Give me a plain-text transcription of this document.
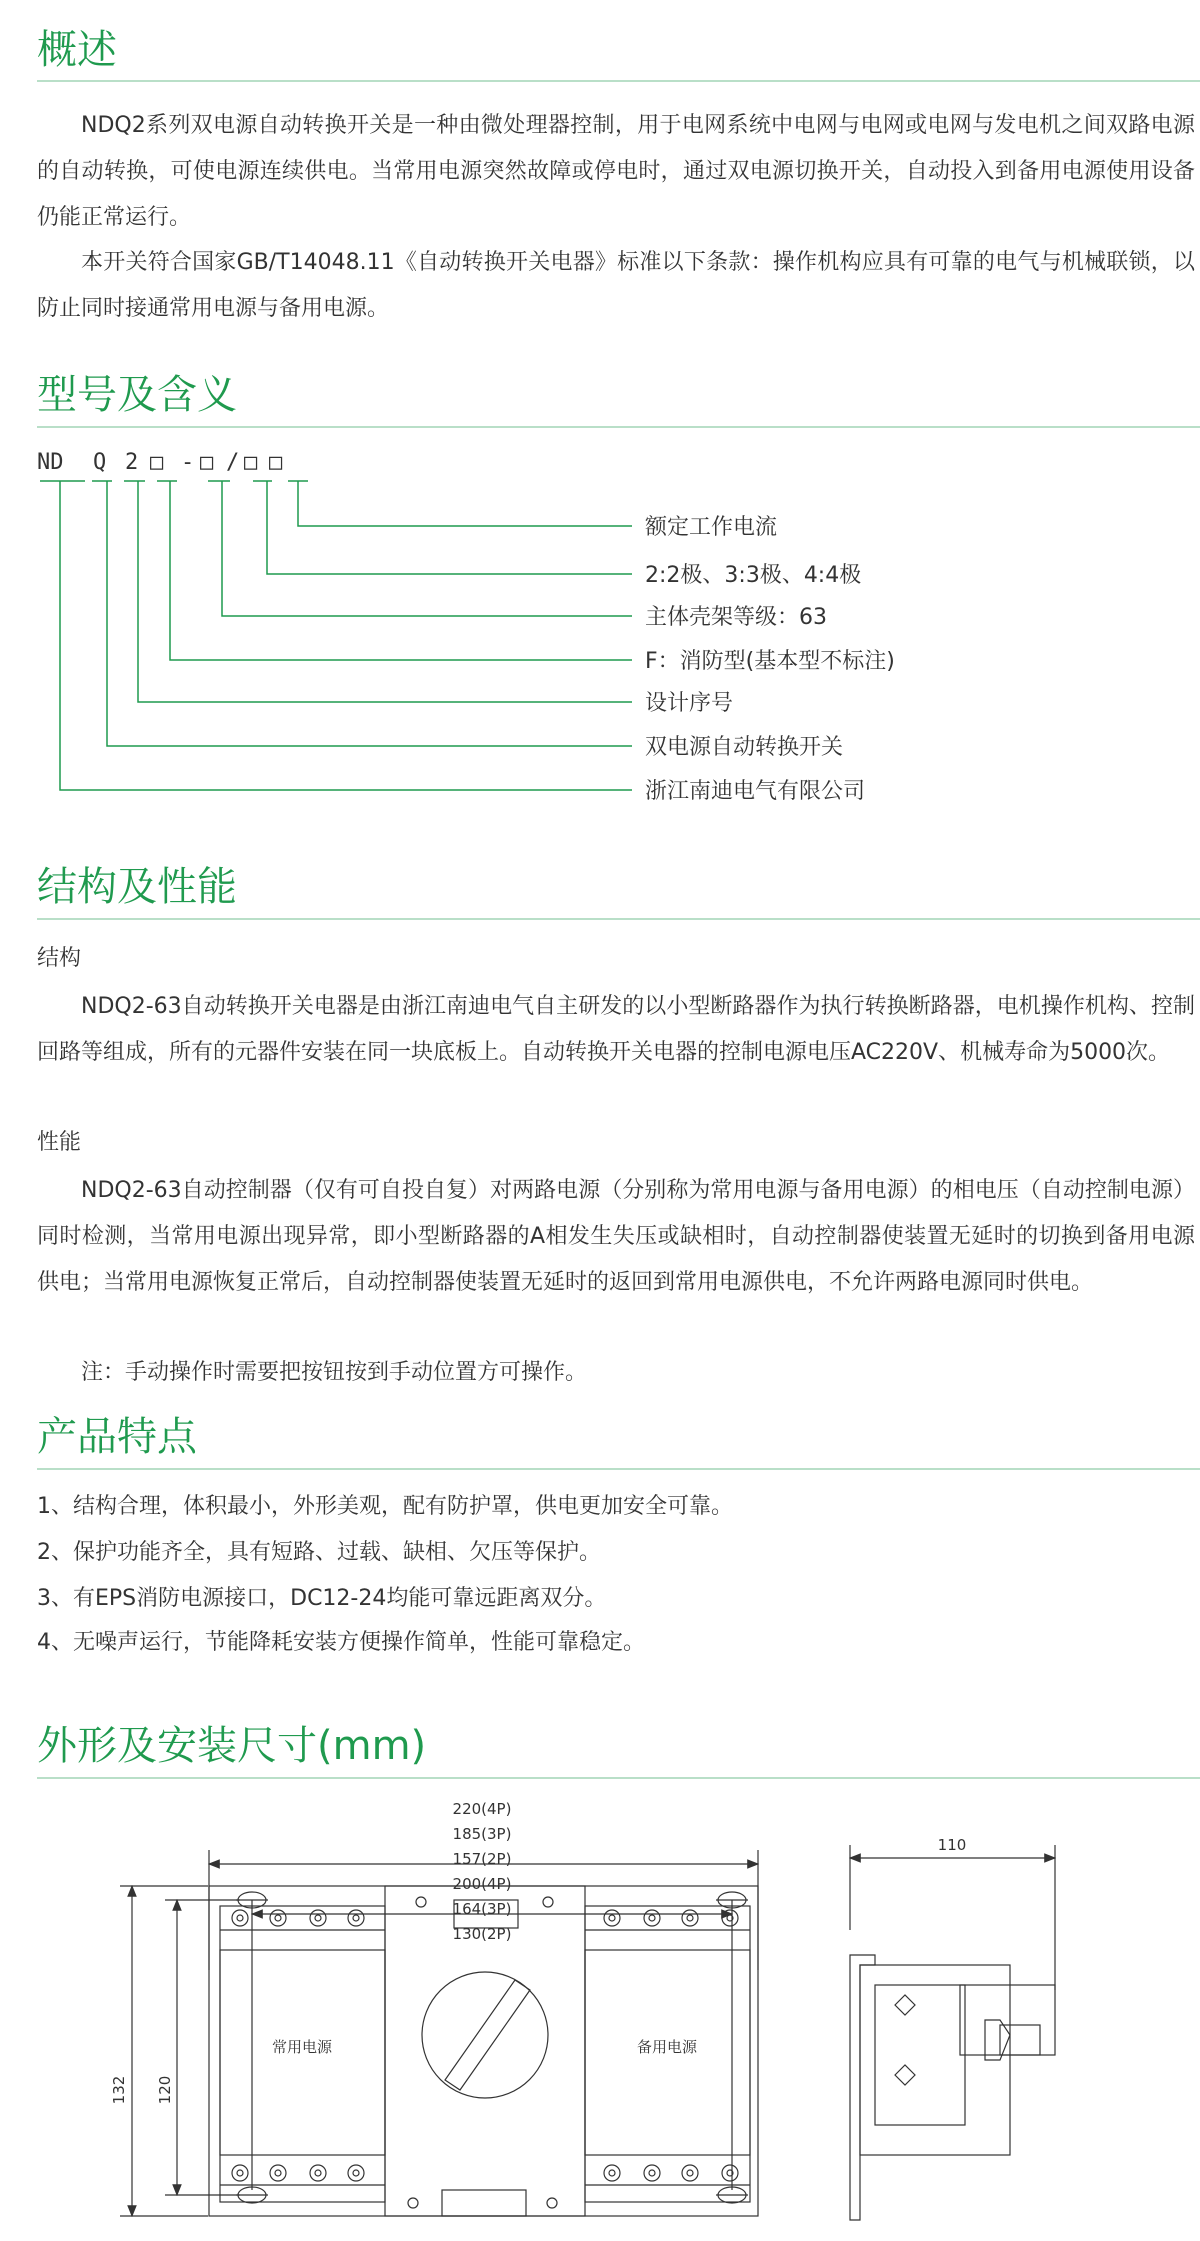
概述

NDQ2系列双电源自动转换开关是一种由微处理器控制，用于电网系统中电网与电网或电网与发电机之间双路电源的自动转换，可使电源连续供电。当常用电源突然故障或停电时，通过双电源切换开关，自动投入到备用电源使用设备仍能正常运行。

本开关符合国家GB/T14048.11《自动转换开关电器》标准以下条款：操作机构应具有可靠的电气与机械联锁，以防止同时接通常用电源与备用电源。

型号及含义
ND Q 2 □ - □ / □ □
额定工作电流
2:2极、3:3极、4:4极
主体壳架等级：63
F：消防型(基本型不标注)
设计序号
双电源自动转换开关
浙江南迪电气有限公司
结构及性能
结构

NDQ2-63自动转换开关电器是由浙江南迪电气自主研发的以小型断路器作为执行转换断路器，电机操作机构、控制回路等组成，所有的元器件安装在同一块底板上。自动转换开关电器的控制电源电压AC220V、机械寿命为5000次。

性能

NDQ2-63自动控制器（仅有可自投自复）对两路电源（分别称为常用电源与备用电源）的相电压（自动控制电源）同时检测，当常用电源出现异常，即小型断路器的A相发生失压或缺相时，自动控制器使装置无延时的切换到备用电源供电；当常用电源恢复正常后，自动控制器使装置无延时的返回到常用电源供电，不允许两路电源同时供电。

注：手动操作时需要把按钮按到手动位置方可操作。

产品特点
1、结构合理，体积最小，外形美观，配有防护罩，供电更加安全可靠。
2、保护功能齐全，具有短路、过载、缺相、欠压等保护。
3、有EPS消防电源接口，DC12-24均能可靠远距离双分。
4、无噪声运行，节能降耗安装方便操作简单，性能可靠稳定。
外形及安装尺寸(mm)
220(4P)
185(3P)
157(2P)
200(4P)
164(3P)
130(2P)
110
132 120
常用电源	备用电源
